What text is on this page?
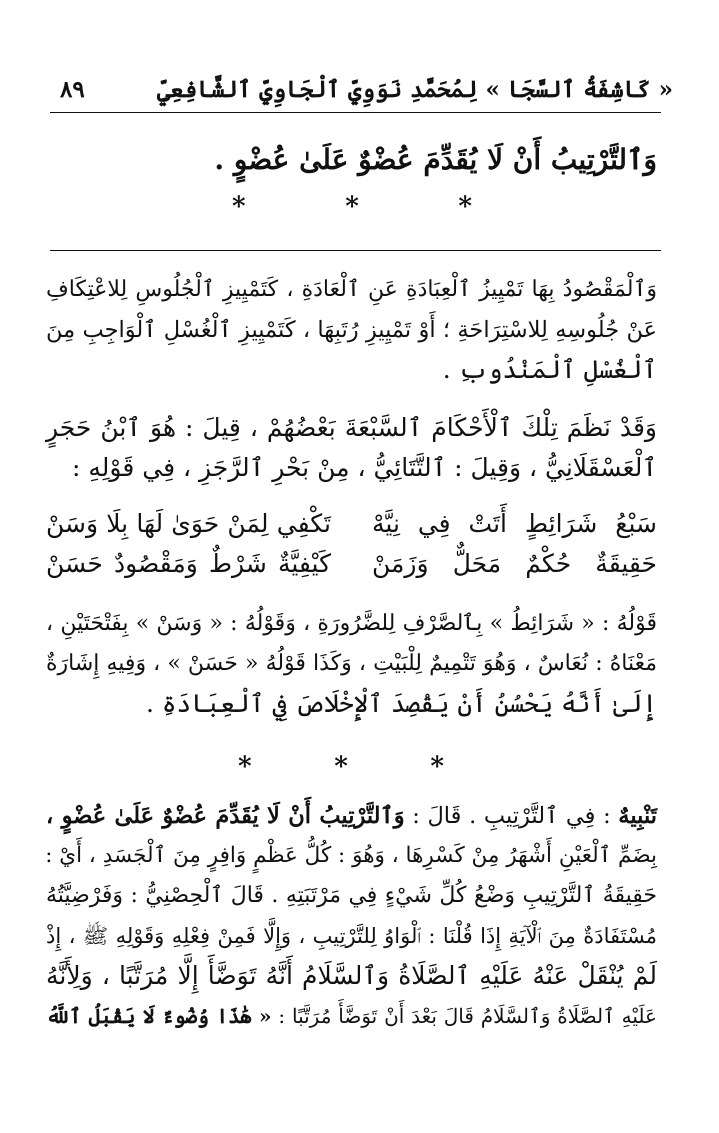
« كَاشِفَةُ ٱلسَّجَا » لِمُحَمَّدِ نَوَوِيِّ ٱلْجَاوِيِّ ٱلشَّافِعِيِّ
٨٩
وَٱلتَّرْتِيبُ أَنْ لَا يُقَدِّمَ عُضْوٌ عَلَىٰ عُضْوٍ .
*	*	*
وَٱلْمَقْصُودُ بِهَا تَمْيِيزُ ٱلْعِبَادَةِ عَنِ ٱلْعَادَةِ ، كَتَمْيِيزِ ٱلْجُلُوسِ لِلاعْتِكَافِ
عَنْ جُلُوسِهِ لِلاسْتِرَاحَةِ ؛ أَوْ تَمْيِيزِ رُتَبِهَا ، كَتَمْيِيزِ ٱلْغُسْلِ ٱلْوَاجِبِ مِنَ
ٱلْغُسْلِ ٱلْمَنْدُوبِ .
وَقَدْ نَظَمَ تِلْكَ ٱلْأَحْكَامَ ٱلسَّبْعَةَ بَعْضُهُمْ ، قِيلَ : هُوَ ٱبْنُ حَجَرٍ
ٱلْعَسْقَلَانِيُّ ، وَقِيلَ : ٱلتَّتَائِيُّ ، مِنْ بَحْرِ ٱلرَّجَزِ ، فِي قَوْلِهِ :
سَبْعُ شَرَائِطٍ أَتَتْ فِي نِيَّهْ
تَكْفِي لِمَنْ حَوَىٰ لَهَا بِلَا وَسَنْ
حَقِيقَةٌ حُكْمٌ مَحَلٌّ وَزَمَنْ
كَيْفِيَّةٌ شَرْطٌ وَمَقْصُودٌ حَسَنْ
قَوْلُهُ : « شَرَائِطُ » بِٱلصَّرْفِ لِلضَّرُورَةِ ، وَقَوْلُهُ : « وَسَنْ » بِفَتْحَتَيْنِ ،
مَعْنَاهُ : نُعَاسٌ ، وَهُوَ تَتْمِيمٌ لِلْبَيْتِ ، وَكَذَا قَوْلُهُ « حَسَنْ » ، وَفِيهِ إِشَارَةٌ
إِلَىٰ أَنَّهُ يَحْسُنُ أَنْ يَقْصِدَ ٱلْإِخْلَاصَ فِي ٱلْعِبَادَةِ .
*	*	*
تَنْبِيهٌ : فِي ٱلتَّرْتِيبِ . قَالَ : وَٱلتَّرْتِيبُ أَنْ لَا يُقَدِّمَ عُضْوٌ عَلَىٰ عُضْوٍ ،
بِضَمِّ ٱلْعَيْنِ أَشْهَرُ مِنْ كَسْرِهَا ، وَهُوَ : كُلُّ عَظْمٍ وَافِرٍ مِنَ ٱلْجَسَدِ ، أَيْ :
حَقِيقَةُ ٱلتَّرْتِيبِ وَضْعُ كُلِّ شَيْءٍ فِي مَرْتَبَتِهِ . قَالَ ٱلْحِصْنِيُّ : وَفَرْضِيَّتُهُ
مُسْتَفَادَةٌ مِنَ ٱلْآيَةِ إِذَا قُلْنَا : ٱلْوَاوُ لِلتَّرْتِيبِ ، وَإِلَّا فَمِنْ فِعْلِهِ وَقَوْلِهِ ﷺ ، إِذْ
لَمْ يُنْقَلْ عَنْهُ عَلَيْهِ ٱلصَّلَاةُ وَٱلسَّلَامُ أَنَّهُ تَوَضَّأَ إِلَّا مُرَتَّبًا ، وَلِأَنَّهُ
عَلَيْهِ ٱلصَّلَاةُ وَٱلسَّلَامُ قَالَ بَعْدَ أَنْ تَوَضَّأَ مُرَتَّبًا : « هَٰذَا وُضُوءٌ لَا يَقْبَلُ ٱللَّهُ
